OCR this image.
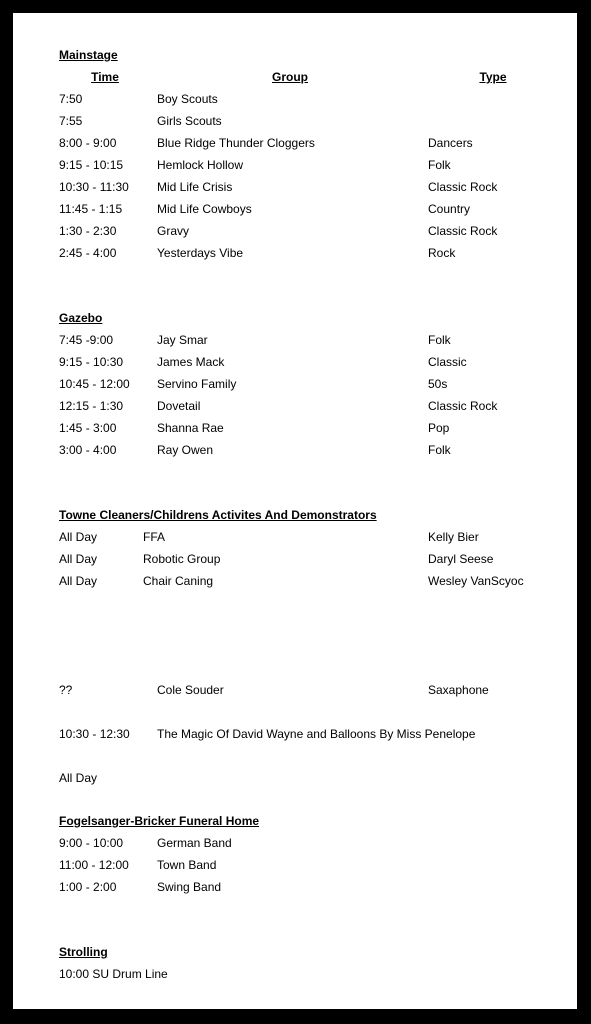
Mainstage
Time	Group	Type
7:50	Boy Scouts
7:55	Girls Scouts
8:00 - 9:00	Blue Ridge Thunder Cloggers	Dancers
9:15 - 10:15	Hemlock Hollow	Folk
10:30 - 11:30 Mid Life Crisis	Classic Rock
11:45 - 1:15	Mid Life Cowboys	Country
1:30 - 2:30	Gravy	Classic Rock
2:45 - 4:00	Yesterdays Vibe	Rock
Gazebo
7:45 -9:00	Jay Smar	Folk
9:15 - 10:30	James Mack	Classic
10:45 - 12:00 Servino Family	50s
12:15 - 1:30	Dovetail	Classic Rock
1:45 - 3:00	Shanna Rae	Pop
3:00 - 4:00	Ray Owen	Folk
Towne Cleaners/Childrens Activites And Demonstrators
All Day	FFA	Kelly Bier
All Day	Robotic Group	Daryl Seese
All Day	Chair Caning	Wesley VanScyoc
??	Cole Souder	Saxaphone
10:30 - 12:30 The Magic Of David Wayne and Balloons By Miss Penelope
All Day
Fogelsanger-Bricker Funeral Home
9:00 - 10:00	German Band
11:00 - 12:00 Town Band
1:00 - 2:00	Swing Band
Strolling
10:00 SU Drum Line
